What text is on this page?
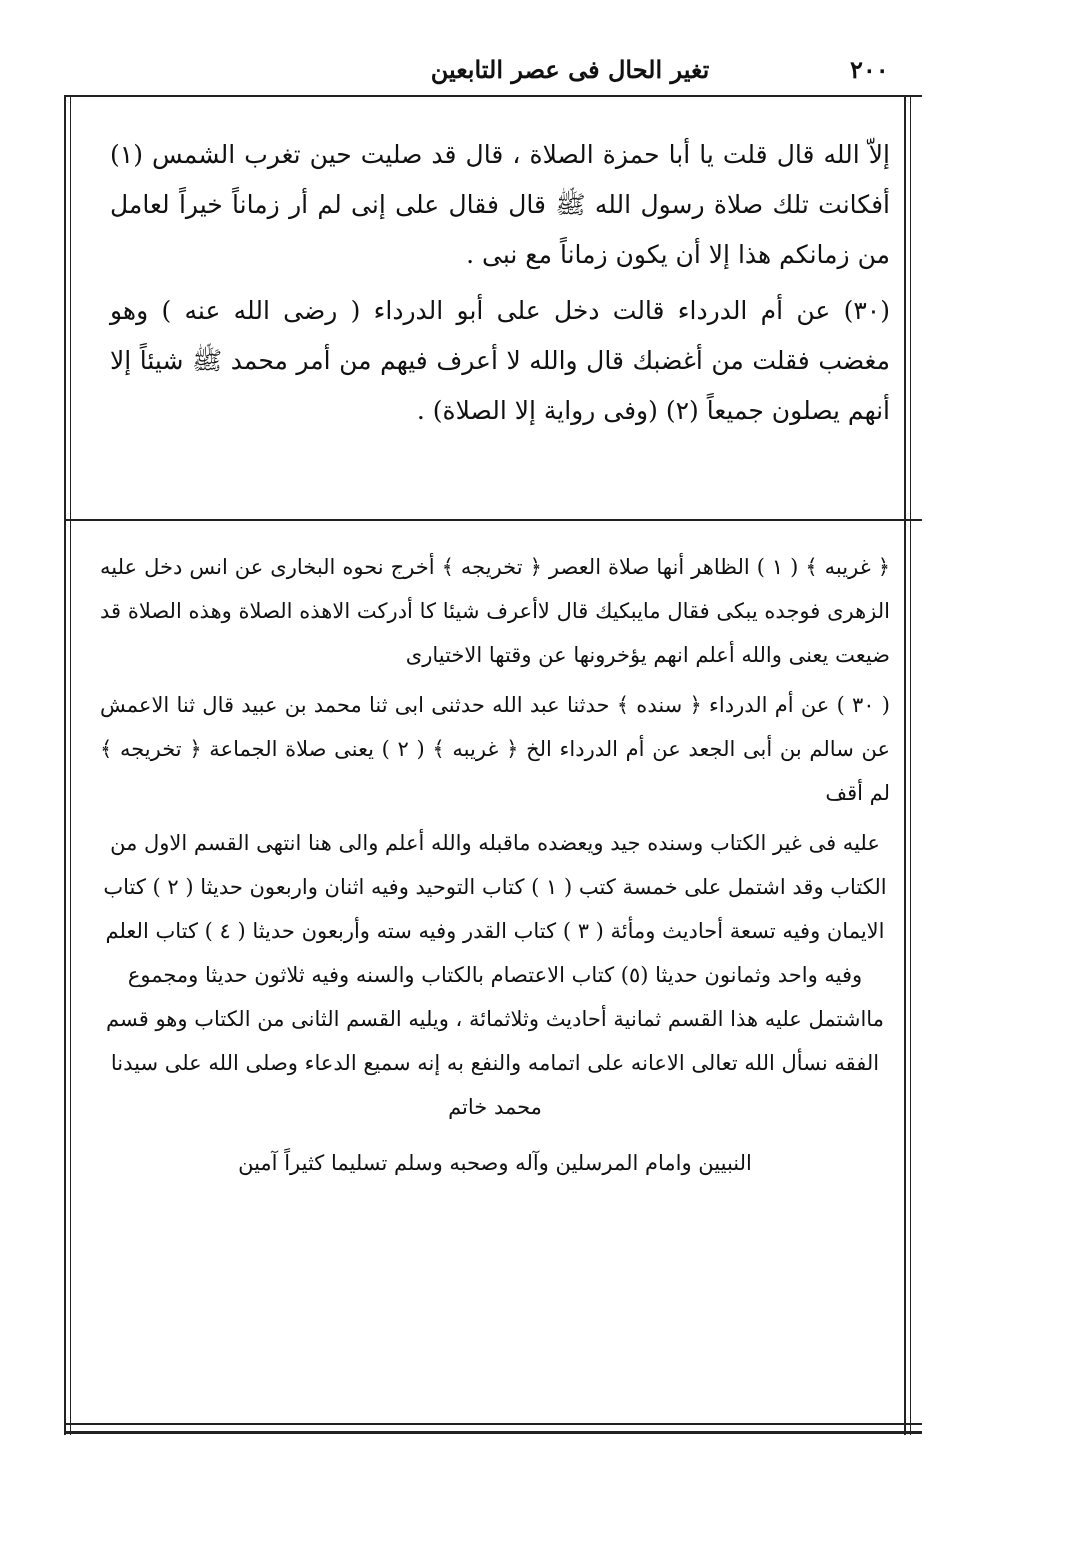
تغير الحال فى عصر التابعين	٢٠٠

إلاّ الله قال قلت يا أبا حمزة الصلاة ، قال قد صليت حين تغرب الشمس (١) أفكانت تلك صلاة رسول الله ﷺ قال فقال على إنى لم أر زماناً خيراً لعامل من زمانكم هذا إلا أن يكون زماناً مع نبى .

(٣٠) عن أم الدرداء قالت دخل على أبو الدرداء ( رضى الله عنه ) وهو مغضب فقلت من أغضبك قال والله لا أعرف فيهم من أمر محمد ﷺ شيئاً إلا أنهم يصلون جميعاً (٢) (وفى رواية إلا الصلاة) .

﴿ غريبه ﴾ ( ١ ) الظاهر أنها صلاة العصر ﴿ تخريجه ﴾ أخرج نحوه البخارى عن انس دخل عليه الزهرى فوجده يبكى فقال مايبكيك قال لاأعرف شيئا كا أدركت الاهذه الصلاة وهذه الصلاة قد ضيعت يعنى والله أعلم انهم يؤخرونها عن وقتها الاختيارى

( ٣٠ ) عن أم الدرداء ﴿ سنده ﴾ حدثنا عبد الله حدثنى ابى ثنا محمد بن عبيد قال ثنا الاعمش عن سالم بن أبى الجعد عن أم الدرداء الخ ﴿ غريبه ﴾ ( ٢ ) يعنى صلاة الجماعة ﴿ تخريجه ﴾ لم أقف

عليه فى غير الكتاب وسنده جيد ويعضده ماقبله والله أعلم والى هنا انتهى القسم الاول من الكتاب وقد اشتمل على خمسة كتب ( ١ ) كتاب التوحيد وفيه اثنان واربعون حديثا ( ٢ ) كتاب الايمان وفيه تسعة أحاديث ومأئة ( ٣ ) كتاب القدر وفيه سته وأربعون حديثا ( ٤ ) كتاب العلم وفيه واحد وثمانون حديثا (٥) كتاب الاعتصام بالكتاب والسنه وفيه ثلاثون حديثا ومجموع مااشتمل عليه هذا القسم ثمانية أحاديث وثلاثمائة ، ويليه القسم الثانى من الكتاب وهو قسم الفقه نسأل الله تعالى الاعانه على اتمامه والنفع به إنه سميع الدعاء وصلى الله على سيدنا محمد خاتم

النبيين وامام المرسلين وآله وصحبه وسلم تسليما كثيراً آمين
